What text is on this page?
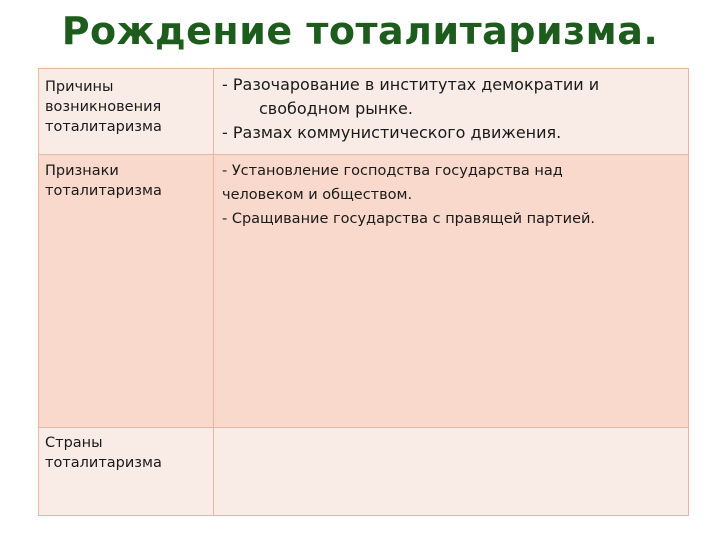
Рождение тоталитаризма.
Причины
возникновения
тоталитаризма	- Разочарование в институтах демократии и
свободном рынке.
- Размах коммунистического движения.

Признаки
тоталитаризма	- Установление господства государства над
человеком и обществом.
- Сращивание государства с правящей партией.

Страны
тоталитаризма	
